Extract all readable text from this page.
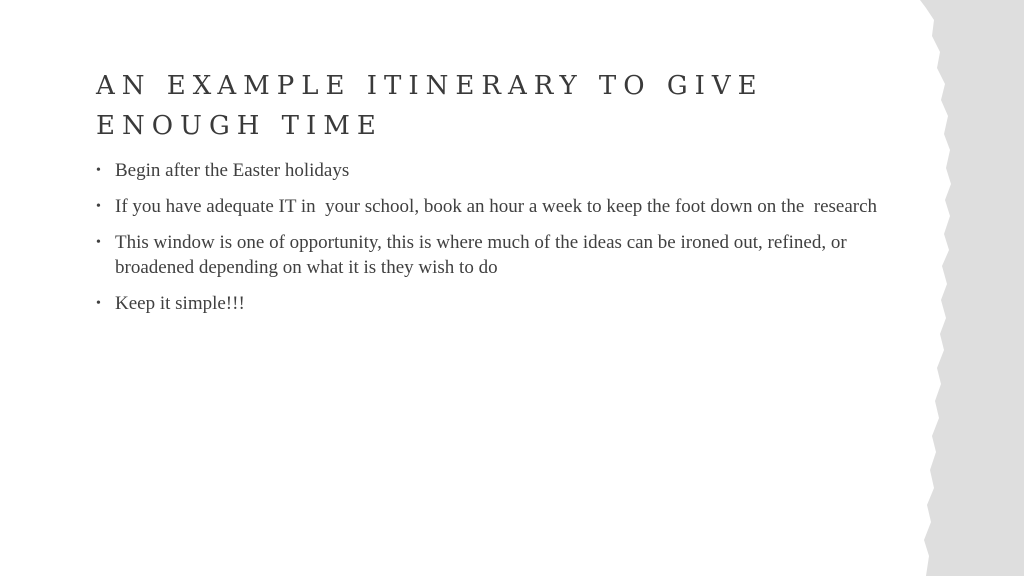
AN EXAMPLE ITINERARY TO GIVE ENOUGH TIME
• Begin after the Easter holidays
• If you have adequate IT in  your school, book an hour a week to keep the foot down on the  research
• This window is one of opportunity, this is where much of the ideas can be ironed out, refined, or broadened depending on what it is they wish to do
• Keep it simple!!!
